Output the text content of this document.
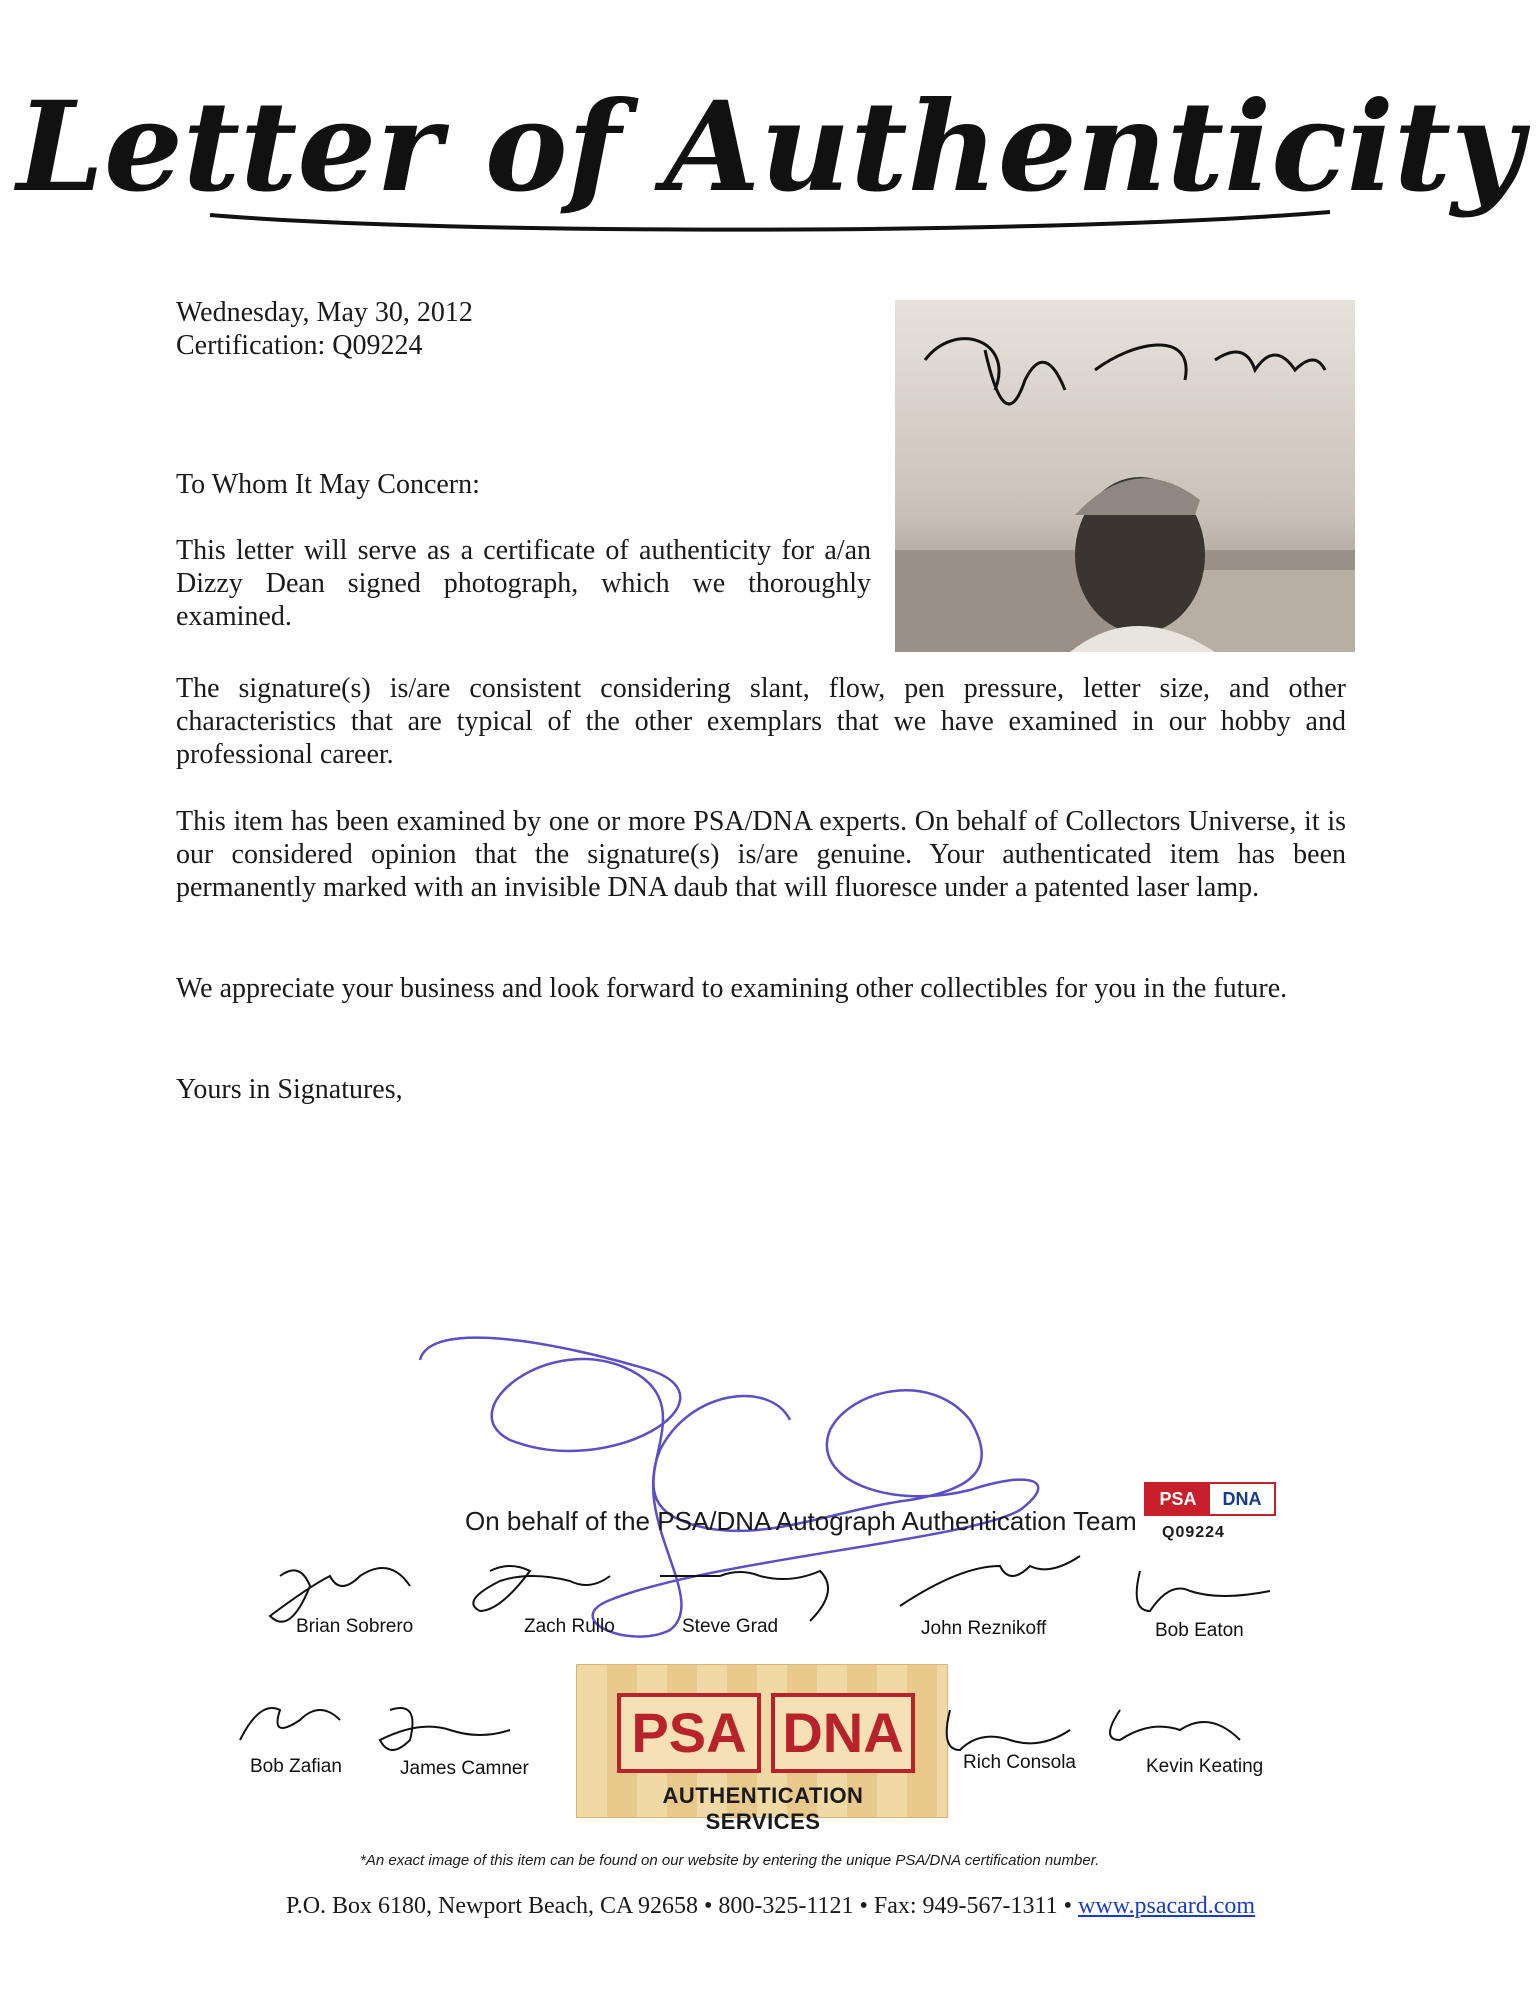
Letter of Authenticity
Wednesday, May 30, 2012
Certification: Q09224	Dizzy Dean
To Whom It May Concern:
This letter will serve as a certificate of authenticity for a/an Dizzy Dean signed photograph, which we thoroughly examined.
The signature(s) is/are consistent considering slant, flow, pen pressure, letter size, and other characteristics that are typical of the other exemplars that we have examined in our hobby and professional career.
This item has been examined by one or more PSA/DNA experts. On behalf of Collectors Universe, it is our considered opinion that the signature(s) is/are genuine. Your authenticated item has been permanently marked with an invisible DNA daub that will fluoresce under a patented laser lamp.
We appreciate your business and look forward to examining other collectibles for you in the future.
Yours in Signatures,
On behalf of the PSA/DNA Autograph Authentication Team
PSA	DNA
Q09224
Brian Sobrero	Zach Rullo	Steve Grad	John Reznikoff	Bob Eaton
PSA DNA
AUTHENTICATION SERVICES
Bob Zafian	James Camner	Rich Consola	Kevin Keating
*An exact image of this item can be found on our website by entering the unique PSA/DNA certification number.
P.O. Box 6180, Newport Beach, CA 92658 • 800-325-1121 • Fax: 949-567-1311 • www.psacard.com
